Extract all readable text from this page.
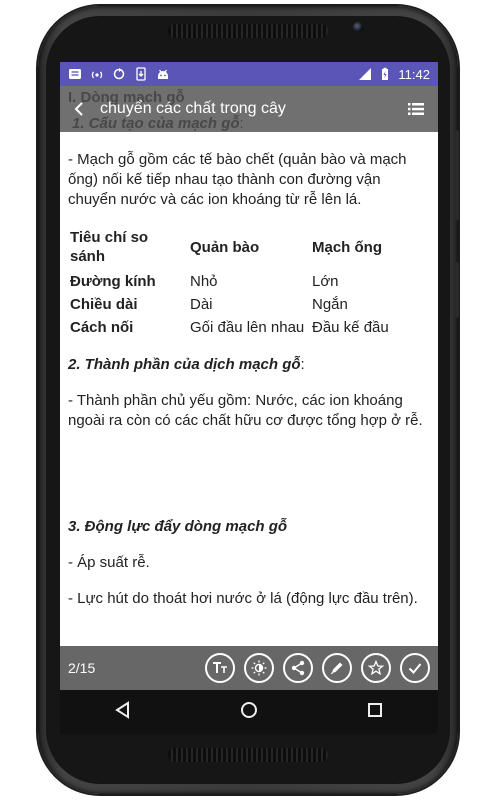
11:42
- Mạch gỗ gồm các tế bào chết (quản bào và mạch ống) nối kế tiếp nhau tạo thành con đường vận chuyển nước và các ion khoáng từ rễ lên lá.
Tiêu chí so sánh	Quản bào	Mạch ống
Đường kính	Nhỏ	Lớn
Chiều dài	Dài	Ngắn
Cách nối	Gối đầu lên nhau	Đầu kế đầu
2. Thành phần của dịch mạch gỗ:
- Thành phần chủ yếu gồm: Nước, các ion khoáng ngoài ra còn có các chất hữu cơ được tổng hợp ở rễ.
3. Động lực đẩy dòng mạch gỗ
- Áp suất rễ.
- Lực hút do thoát hơi nước ở lá (động lực đầu trên).
chuyển các chất trong cây
2/15
